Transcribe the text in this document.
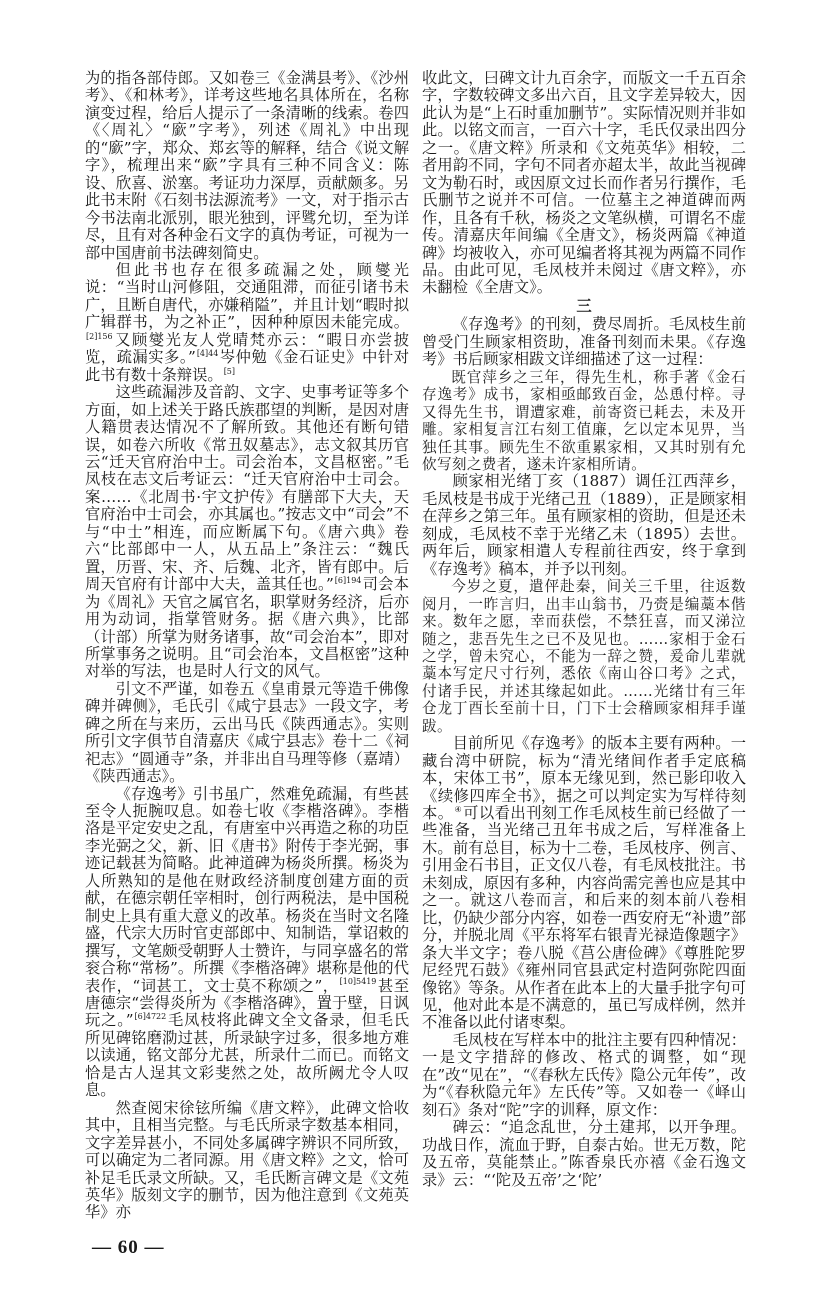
为的指各部侍郎。又如卷三《金满县考》、《沙州考》、《和林考》，详考这些地名具体所在，名称演变过程，给后人提示了一条清晰的线索。卷四《〈周礼〉“廞”字考》，列述《周礼》中出现的“廞”字，郑众、郑玄等的解释，结合《说文解字》，梳理出来“廞”字具有三种不同含义：陈设、欣喜、淤塞。考证功力深厚，贡献颇多。另此书末附《石刻书法源流考》一文，对于指示古今书法南北派别，眼光独到，评骘允切，至为详尽，且有对各种金石文字的真伪考证，可视为一部中国唐前书法碑刻简史。

但此书也存在很多疏漏之处，顾燮光说：“当时山河修阻，交通阻滞，而征引诸书未广，且断自唐代，亦嫌稍隘”，并且计划“暇时拟广辑群书，为之补正”，因种种原因未能完成。$^{[2]156}$又顾燮光友人党晴梵亦云：“暇日亦尝披览，疏漏实多。”$^{[4]44}$岑仲勉《金石证史》中针对此书有数十条辩误。[5]

这些疏漏涉及音韵、文字、史事考证等多个方面，如上述关于路氏族郡望的判断，是因对唐人籍贯表达情况不了解所致。其他还有断句错误，如卷六所收《常丑奴墓志》，志文叙其历官云“迁天官府治中士。司会治本，文昌枢密。”毛凤枝在志文后考证云：“迁天官府治中士司会。案……《北周书·宇文护传》有膳部下大夫，天官府治中士司会，亦其属也。”按志文中“司会”不与“中士”相连，而应断属下句。《唐六典》卷六“比部郎中一人，从五品上”条注云：“魏氏置，历晋、宋、齐、后魏、北齐，皆有郎中。后周天官府有计部中大夫，盖其任也。”$^{[6]194}$司会本为《周礼》天官之属官名，职掌财务经济，后亦用为动词，指掌管财务。据《唐六典》，比部（计部）所掌为财务诸事，故“司会治本”，即对所掌事务之说明。且“司会治本，文昌枢密”这种对举的写法，也是时人行文的风气。

引文不严谨，如卷五《皇甫景元等造千佛像碑并碑侧》，毛氏引《咸宁县志》一段文字，考碑之所在与来历，云出马氏《陕西通志》。实则所引文字俱节自清嘉庆《咸宁县志》卷十二《祠祀志》“圆通寺”条，并非出自马理等修（嘉靖）《陕西通志》。

《存逸考》引书虽广，然难免疏漏，有些甚至令人扼腕叹息。如卷七收《李楷洛碑》。李楷洛是平定安史之乱，有唐室中兴再造之称的功臣李光弼之父，新、旧《唐书》附传于李光弼，事迹记载甚为简略。此神道碑为杨炎所撰。杨炎为人所熟知的是他在财政经济制度创建方面的贡献，在德宗朝任宰相时，创行两税法，是中国税制史上具有重大意义的改革。杨炎在当时文名隆盛，代宗大历时官吏部郎中、知制诰，掌诏敕的撰写，文笔颇受朝野人士赞许，与同享盛名的常衮合称“常杨”。所撰《李楷洛碑》堪称是他的代表作，“词甚工，文士莫不称颂之”，$^{[10]5419}$甚至唐德宗“尝得炎所为《李楷洛碑》，置于壁，日讽玩之。”$^{[6]4722}$毛凤枝将此碑文全文备录，但毛氏所见碑铭磨泐过甚，所录缺字过多，很多地方难以读通，铭文部分尤甚，所录什二而已。而铭文恰是古人逞其文彩斐然之处，故所阙尤令人叹息。

然查阅宋徐铉所编《唐文粹》，此碑文恰收其中，且相当完整。与毛氏所录字数基本相同，文字差异甚小，不同处多属碑字辨识不同所致，可以确定为二者同源。用《唐文粹》之文，恰可补足毛氏录文所缺。又，毛氏断言碑文是《文苑英华》版刻文字的删节，因为他注意到《文苑英华》亦

— 60 —

收此文，曰碑文计九百余字，而版文一千五百余字，字数较碑文多出六百，且文字差异较大，因此认为是“上石时重加删节”。实际情况则并非如此。以铭文而言，一百六十字，毛氏仅录出四分之一。《唐文粹》所录和《文苑英华》相较，二者用韵不同，字句不同者亦超太半，故此当视碑文为勒石时，或因原文过长而作者另行撰作，毛氏删节之说并不可信。一位墓主之神道碑而两作，且各有千秋，杨炎之文笔纵横，可谓名不虚传。清嘉庆年间编《全唐文》，杨炎两篇《神道碑》均被收入，亦可见编者将其视为两篇不同作品。由此可见，毛凤枝并未阅过《唐文粹》，亦未翻检《全唐文》。

三

《存逸考》的刊刻，费尽周折。毛凤枝生前曾受门生顾家相资助，准备刊刻而未果。《存逸考》书后顾家相跋文详细描述了这一过程：

既官萍乡之三年，得先生札，称手著《金石存逸考》成书，家相亟邮致百金，怂恿付梓。寻又得先生书，谓遭家难，前寄资已耗去，未及开雕。家相复言江右刻工值廉，乞以定本见畀，当独任其事。顾先生不欲重累家相，又其时别有允佽写刻之费者，遂未许家相所请。

顾家相光绪丁亥（1887）调任江西萍乡，毛凤枝是书成于光绪己丑（1889），正是顾家相在萍乡之第三年。虽有顾家相的资助，但是还未刻成，毛凤枝不幸于光绪乙未（1895）去世。两年后，顾家相遣人专程前往西安，终于拿到《存逸考》稿本，并予以刊刻。

今岁之夏，遣伻赴秦，间关三千里，往返数阅月，一昨言归，出丰山翁书，乃赍是编藁本偕来。数年之愿，幸而获偿，不禁狂喜，而又涕泣随之，悲吾先生之已不及见也。……家相于金石之学，曾未究心，不能为一辞之赞，爰命儿辈就藁本写定尺寸行列，悉依《南山谷口考》之式，付诸手民，并述其缘起如此。……光绪廿有三年仓龙丁酉长至前十日，门下士会稽顾家相拜手谨跋。

目前所见《存逸考》的版本主要有两种。一藏台湾中研院，标为“清光绪间作者手定底稿本，宋体工书”，原本无缘见到，然已影印收入《续修四库全书》，据之可以判定实为写样待刻本。④可以看出刊刻工作毛凤枝生前已经做了一些准备，当光绪己丑年书成之后，写样准备上木。前有总目，标为十二卷，毛凤枝序、例言、引用金石书目，正文仅八卷，有毛凤枝批注。书未刻成，原因有多种，内容尚需完善也应是其中之一。就这八卷而言，和后来的刻本前八卷相比，仍缺少部分内容，如卷一西安府无“补遗”部分，并脱北周《平东将军右银青光禄造像题字》条大半文字；卷八脱《莒公唐俭碑》《尊胜陀罗尼经咒石鼓》《雍州同官县武定村造阿弥陀四面像铭》等条。从作者在此本上的大量手批字句可见，他对此本是不满意的，虽已写成样例，然并不准备以此付诸枣梨。

毛凤枝在写样本中的批注主要有四种情况：一是文字措辞的修改、格式的调整，如“现在”改“见在”，“《春秋左氏传》隐公元年传”，改为“《春秋隐元年》左氏传”等。又如卷一《峄山刻石》条对“陀”字的训释，原文作：

碑云：“追念乱世，分土建邦，以开争理。功战日作，流血于野，自泰古始。世无万数，陀及五帝，莫能禁止。”陈香泉氏亦禧《金石逸文录》云：“‘陀及五帝’之‘陀’
